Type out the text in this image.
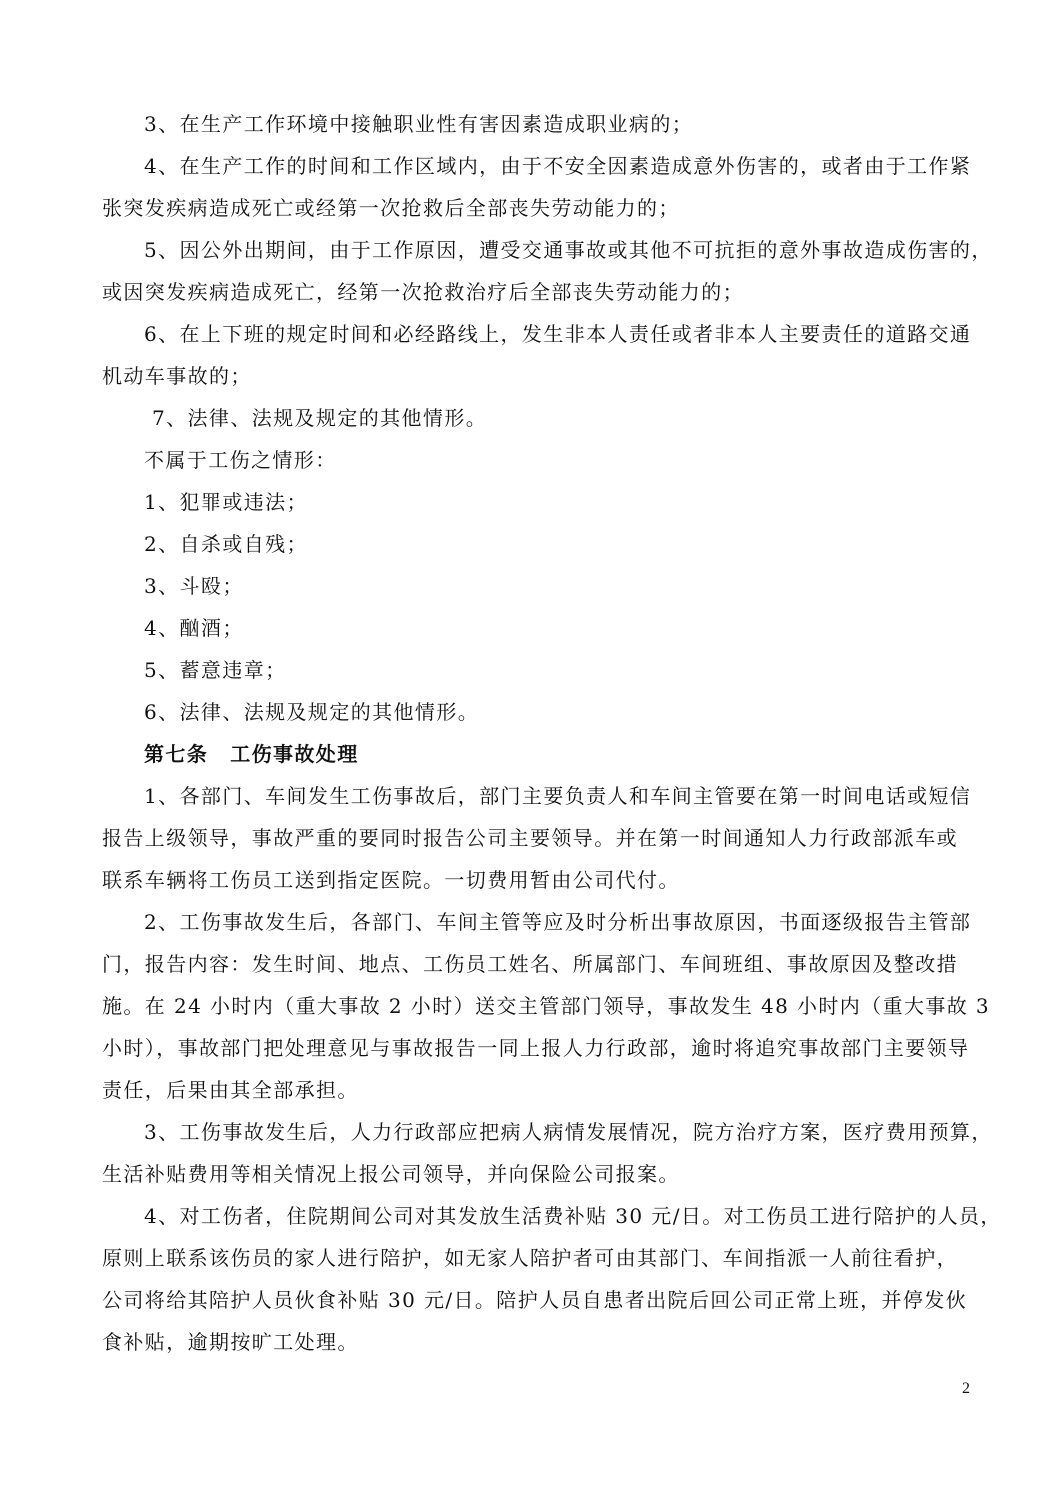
3、在生产工作环境中接触职业性有害因素造成职业病的；
4、在生产工作的时间和工作区域内，由于不安全因素造成意外伤害的，或者由于工作紧
张突发疾病造成死亡或经第一次抢救后全部丧失劳动能力的；
5、因公外出期间，由于工作原因，遭受交通事故或其他不可抗拒的意外事故造成伤害的，
或因突发疾病造成死亡，经第一次抢救治疗后全部丧失劳动能力的；
6、在上下班的规定时间和必经路线上，发生非本人责任或者非本人主要责任的道路交通
机动车事故的；
7、法律、法规及规定的其他情形。
不属于工伤之情形：
1、犯罪或违法；
2、自杀或自残；
3、斗殴；
4、酗酒；
5、蓄意违章；
6、法律、法规及规定的其他情形。
第七条 工伤事故处理
1、各部门、车间发生工伤事故后，部门主要负责人和车间主管要在第一时间电话或短信
报告上级领导，事故严重的要同时报告公司主要领导。并在第一时间通知人力行政部派车或
联系车辆将工伤员工送到指定医院。一切费用暂由公司代付。
2、工伤事故发生后，各部门、车间主管等应及时分析出事故原因，书面逐级报告主管部
门，报告内容：发生时间、地点、工伤员工姓名、所属部门、车间班组、事故原因及整改措
施。在 24 小时内（重大事故 2 小时）送交主管部门领导，事故发生 48 小时内（重大事故 3
小时），事故部门把处理意见与事故报告一同上报人力行政部，逾时将追究事故部门主要领导
责任，后果由其全部承担。
3、工伤事故发生后，人力行政部应把病人病情发展情况，院方治疗方案，医疗费用预算，
生活补贴费用等相关情况上报公司领导，并向保险公司报案。
4、对工伤者，住院期间公司对其发放生活费补贴 30 元/日。对工伤员工进行陪护的人员，
原则上联系该伤员的家人进行陪护，如无家人陪护者可由其部门、车间指派一人前往看护，
公司将给其陪护人员伙食补贴 30 元/日。陪护人员自患者出院后回公司正常上班，并停发伙
食补贴，逾期按旷工处理。
2
